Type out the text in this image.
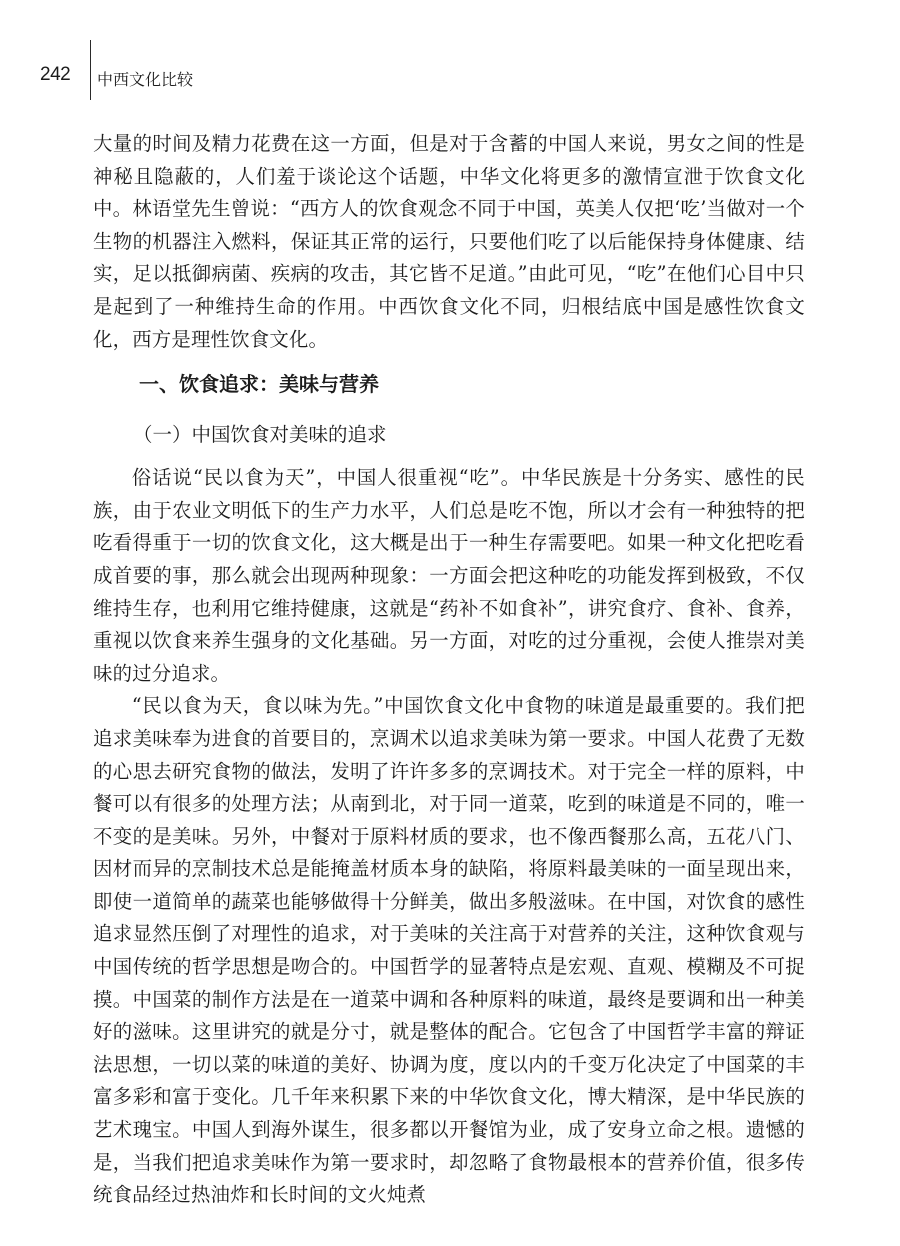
242 中西文化比较

大量的时间及精力花费在这一方面，但是对于含蓄的中国人来说，男女之间的性是神秘且隐蔽的，人们羞于谈论这个话题，中华文化将更多的激情宣泄于饮食文化中。林语堂先生曾说：“西方人的饮食观念不同于中国，英美人仅把‘吃’当做对一个生物的机器注入燃料，保证其正常的运行，只要他们吃了以后能保持身体健康、结实，足以抵御病菌、疾病的攻击，其它皆不足道。”由此可见，“吃”在他们心目中只是起到了一种维持生命的作用。中西饮食文化不同，归根结底中国是感性饮食文化，西方是理性饮食文化。

一、饮食追求：美味与营养
（一）中国饮食对美味的追求

俗话说“民以食为天”，中国人很重视“吃”。中华民族是十分务实、感性的民族，由于农业文明低下的生产力水平，人们总是吃不饱，所以才会有一种独特的把吃看得重于一切的饮食文化，这大概是出于一种生存需要吧。如果一种文化把吃看成首要的事，那么就会出现两种现象：一方面会把这种吃的功能发挥到极致，不仅维持生存，也利用它维持健康，这就是“药补不如食补”，讲究食疗、食补、食养，重视以饮食来养生强身的文化基础。另一方面，对吃的过分重视，会使人推崇对美味的过分追求。

“民以食为天，食以味为先。”中国饮食文化中食物的味道是最重要的。我们把追求美味奉为进食的首要目的，烹调术以追求美味为第一要求。中国人花费了无数的心思去研究食物的做法，发明了许许多多的烹调技术。对于完全一样的原料，中餐可以有很多的处理方法；从南到北，对于同一道菜，吃到的味道是不同的，唯一不变的是美味。另外，中餐对于原料材质的要求，也不像西餐那么高，五花八门、因材而异的烹制技术总是能掩盖材质本身的缺陷，将原料最美味的一面呈现出来，即使一道简单的蔬菜也能够做得十分鲜美，做出多般滋味。在中国，对饮食的感性追求显然压倒了对理性的追求，对于美味的关注高于对营养的关注，这种饮食观与中国传统的哲学思想是吻合的。中国哲学的显著特点是宏观、直观、模糊及不可捉摸。中国菜的制作方法是在一道菜中调和各种原料的味道，最终是要调和出一种美好的滋味。这里讲究的就是分寸，就是整体的配合。它包含了中国哲学丰富的辩证法思想，一切以菜的味道的美好、协调为度，度以内的千变万化决定了中国菜的丰富多彩和富于变化。几千年来积累下来的中华饮食文化，博大精深，是中华民族的艺术瑰宝。中国人到海外谋生，很多都以开餐馆为业，成了安身立命之根。遗憾的是，当我们把追求美味作为第一要求时，却忽略了食物最根本的营养价值，很多传统食品经过热油炸和长时间的文火炖煮
